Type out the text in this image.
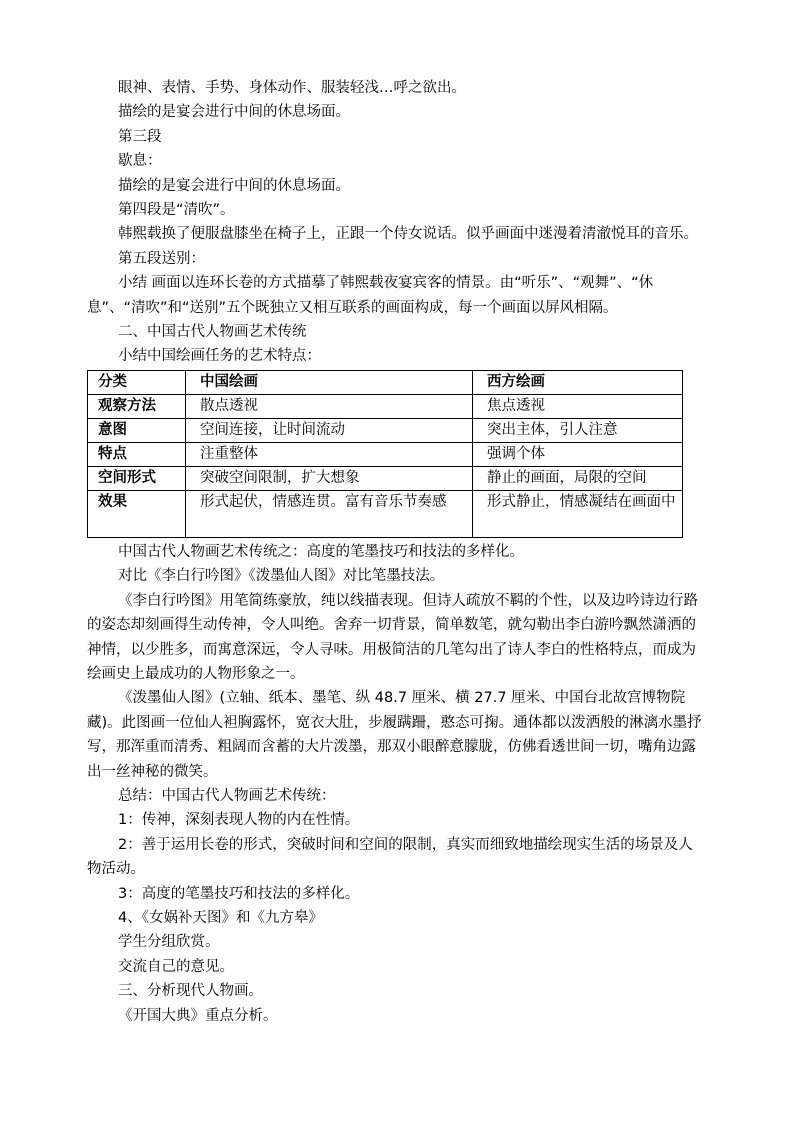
眼神、表情、手势、身体动作、服装轻浅…呼之欲出。

描绘的是宴会进行中间的休息场面。

第三段

歇息：

描绘的是宴会进行中间的休息场面。

第四段是“清吹”。

韩熙载换了便服盘膝坐在椅子上，正跟一个侍女说话。似乎画面中迷漫着清澈悦耳的音乐。

第五段送别：

小结 画面以连环长卷的方式描摹了韩熙载夜宴宾客的情景。由“听乐”、“观舞”、“休息”、“清吹”和“送别”五个既独立又相互联系的画面构成，每一个画面以屏风相隔。

二、中国古代人物画艺术传统

小结中国绘画任务的艺术特点：

分类	中国绘画	西方绘画
观察方法	散点透视	焦点透视
意图	空间连接，让时间流动	突出主体，引人注意
特点	注重整体	强调个体
空间形式	突破空间限制，扩大想象	静止的画面，局限的空间
效果	形式起伏，情感连贯。富有音乐节奏感	形式静止，情感凝结在画面中

中国古代人物画艺术传统之：高度的笔墨技巧和技法的多样化。

对比《李白行吟图》《泼墨仙人图》对比笔墨技法。

《李白行吟图》用笔简练豪放，纯以线描表现。但诗人疏放不羁的个性，以及边吟诗边行路的姿态却刻画得生动传神，令人叫绝。舍弃一切背景，简单数笔，就勾勒出李白游吟飘然潇洒的神情，以少胜多，而寓意深远，令人寻味。用极简洁的几笔勾出了诗人李白的性格特点，而成为绘画史上最成功的人物形象之一。

《泼墨仙人图》(立轴、纸本、墨笔、纵 48.7 厘米、横 27.7 厘米、中国台北故宫博物院藏)。此图画一位仙人袒胸露怀，宽衣大肚，步履蹒跚，憨态可掬。通体都以泼洒般的淋漓水墨抒写，那浑重而清秀、粗阔而含蓄的大片泼墨，那双小眼醉意朦胧，仿佛看透世间一切，嘴角边露出一丝神秘的微笑。

总结：中国古代人物画艺术传统：

1：传神，深刻表现人物的内在性情。

2：善于运用长卷的形式，突破时间和空间的限制，真实而细致地描绘现实生活的场景及人物活动。

3：高度的笔墨技巧和技法的多样化。

4、《女娲补天图》和《九方皋》

学生分组欣赏。

交流自己的意见。

三、分析现代人物画。

《开国大典》重点分析。
